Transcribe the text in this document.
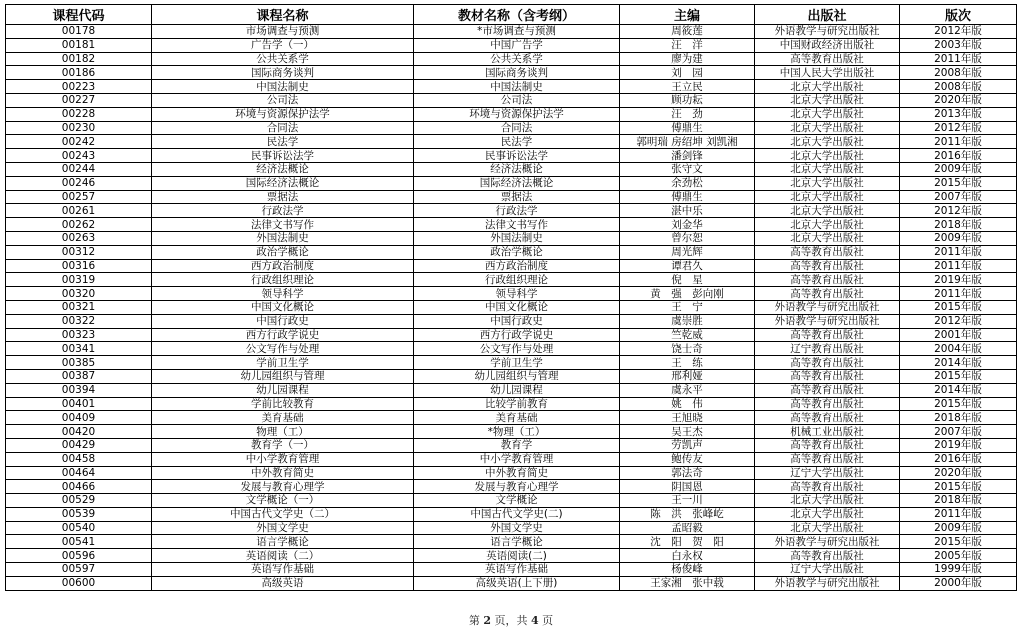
课程代码	课程名称	教材名称（含考纲）	主编	出版社	版次
00178	市场调查与预测	*市场调查与预测	周筱莲	外语教学与研究出版社	2012年版
00181	广告学（一）	中国广告学	汪　洋	中国财政经济出版社	2003年版
00182	公共关系学	公共关系学	廖为建	高等教育出版社	2011年版
00186	国际商务谈判	国际商务谈判	刘　园	中国人民大学出版社	2008年版
00223	中国法制史	中国法制史	王立民	北京大学出版社	2008年版
00227	公司法	公司法	顾功耘	北京大学出版社	2020年版
00228	环境与资源保护法学	环境与资源保护法学	汪　劲	北京大学出版社	2013年版
00230	合同法	合同法	傅鼎生	北京大学出版社	2012年版
00242	民法学	民法学	郭明瑞 房绍坤 刘凯湘	北京大学出版社	2011年版
00243	民事诉讼法学	民事诉讼法学	潘剑锋	北京大学出版社	2016年版
00244	经济法概论	经济法概论	张守文	北京大学出版社	2009年版
00246	国际经济法概论	国际经济法概论	余劲松	北京大学出版社	2015年版
00257	票据法	票据法	傅鼎生	北京大学出版社	2007年版
00261	行政法学	行政法学	湛中乐	北京大学出版社	2012年版
00262	法律文书写作	法律文书写作	刘金华	北京大学出版社	2018年版
00263	外国法制史	外国法制史	曾尔恕	北京大学出版社	2009年版
00312	政治学概论	政治学概论	周光辉	高等教育出版社	2011年版
00316	西方政治制度	西方政治制度	谭君久	高等教育出版社	2011年版
00319	行政组织理论	行政组织理论	倪　星	高等教育出版社	2019年版
00320	领导科学	领导科学	黄　强　彭向刚	高等教育出版社	2011年版
00321	中国文化概论	中国文化概论	王　宁	外语教学与研究出版社	2015年版
00322	中国行政史	中国行政史	虞崇胜	外语教学与研究出版社	2012年版
00323	西方行政学说史	西方行政学说史	竺乾威	高等教育出版社	2001年版
00341	公文写作与处理	公文写作与处理	饶士奇	辽宁教育出版社	2004年版
00385	学前卫生学	学前卫生学	王　练	高等教育出版社	2014年版
00387	幼儿园组织与管理	幼儿园组织与管理	邢利娅	高等教育出版社	2015年版
00394	幼儿园课程	幼儿园课程	虞永平	高等教育出版社	2014年版
00401	学前比较教育	比较学前教育	姚　伟	高等教育出版社	2015年版
00409	美育基础	美育基础	王旭晓	高等教育出版社	2018年版
00420	物理（工）	*物理（工）	吴王杰	机械工业出版社	2007年版
00429	教育学（一）	教育学	劳凯声	高等教育出版社	2019年版
00458	中小学教育管理	中小学教育管理	鲍传友	高等教育出版社	2016年版
00464	中外教育简史	中外教育简史	郭法奇	辽宁大学出版社	2020年版
00466	发展与教育心理学	发展与教育心理学	阴国恩	高等教育出版社	2015年版
00529	文学概论（一）	文学概论	王一川	北京大学出版社	2018年版
00539	中国古代文学史（二）	中国古代文学史(二)	陈　洪　张峰屹	北京大学出版社	2011年版
00540	外国文学史	外国文学史	孟昭毅	北京大学出版社	2009年版
00541	语言学概论	语言学概论	沈　阳　贺　阳	外语教学与研究出版社	2015年版
00596	英语阅读（二）	英语阅读(二)	白永权	高等教育出版社	2005年版
00597	英语写作基础	英语写作基础	杨俊峰	辽宁大学出版社	1999年版
00600	高级英语	高级英语(上下册)	王家湘　张中载	外语教学与研究出版社	2000年版
第 2 页，共 4 页
